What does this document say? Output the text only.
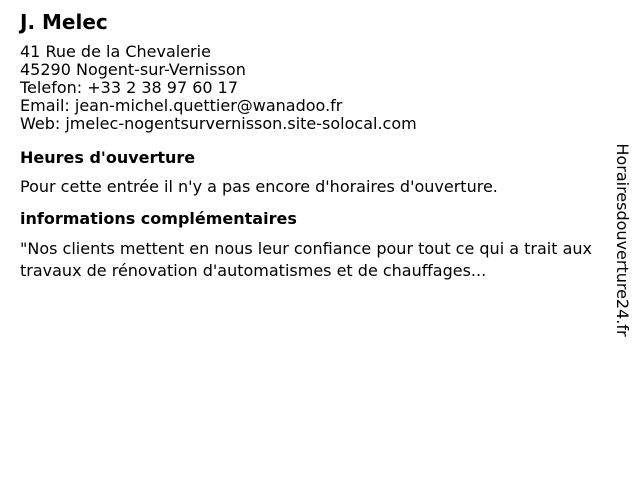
J. Melec
41 Rue de la Chevalerie
45290 Nogent-sur-Vernisson
Telefon: +33 2 38 97 60 17
Email: jean-michel.quettier@wanadoo.fr
Web: jmelec-nogentsurvernisson.site-solocal.com
Heures d'ouverture
Pour cette entrée il n'y a pas encore d'horaires d'ouverture.
informations complémentaires
"Nos clients mettent en nous leur confiance pour tout ce qui a trait aux travaux de rénovation d'automatismes et de chauffages...	Horairesdouverture24.fr
